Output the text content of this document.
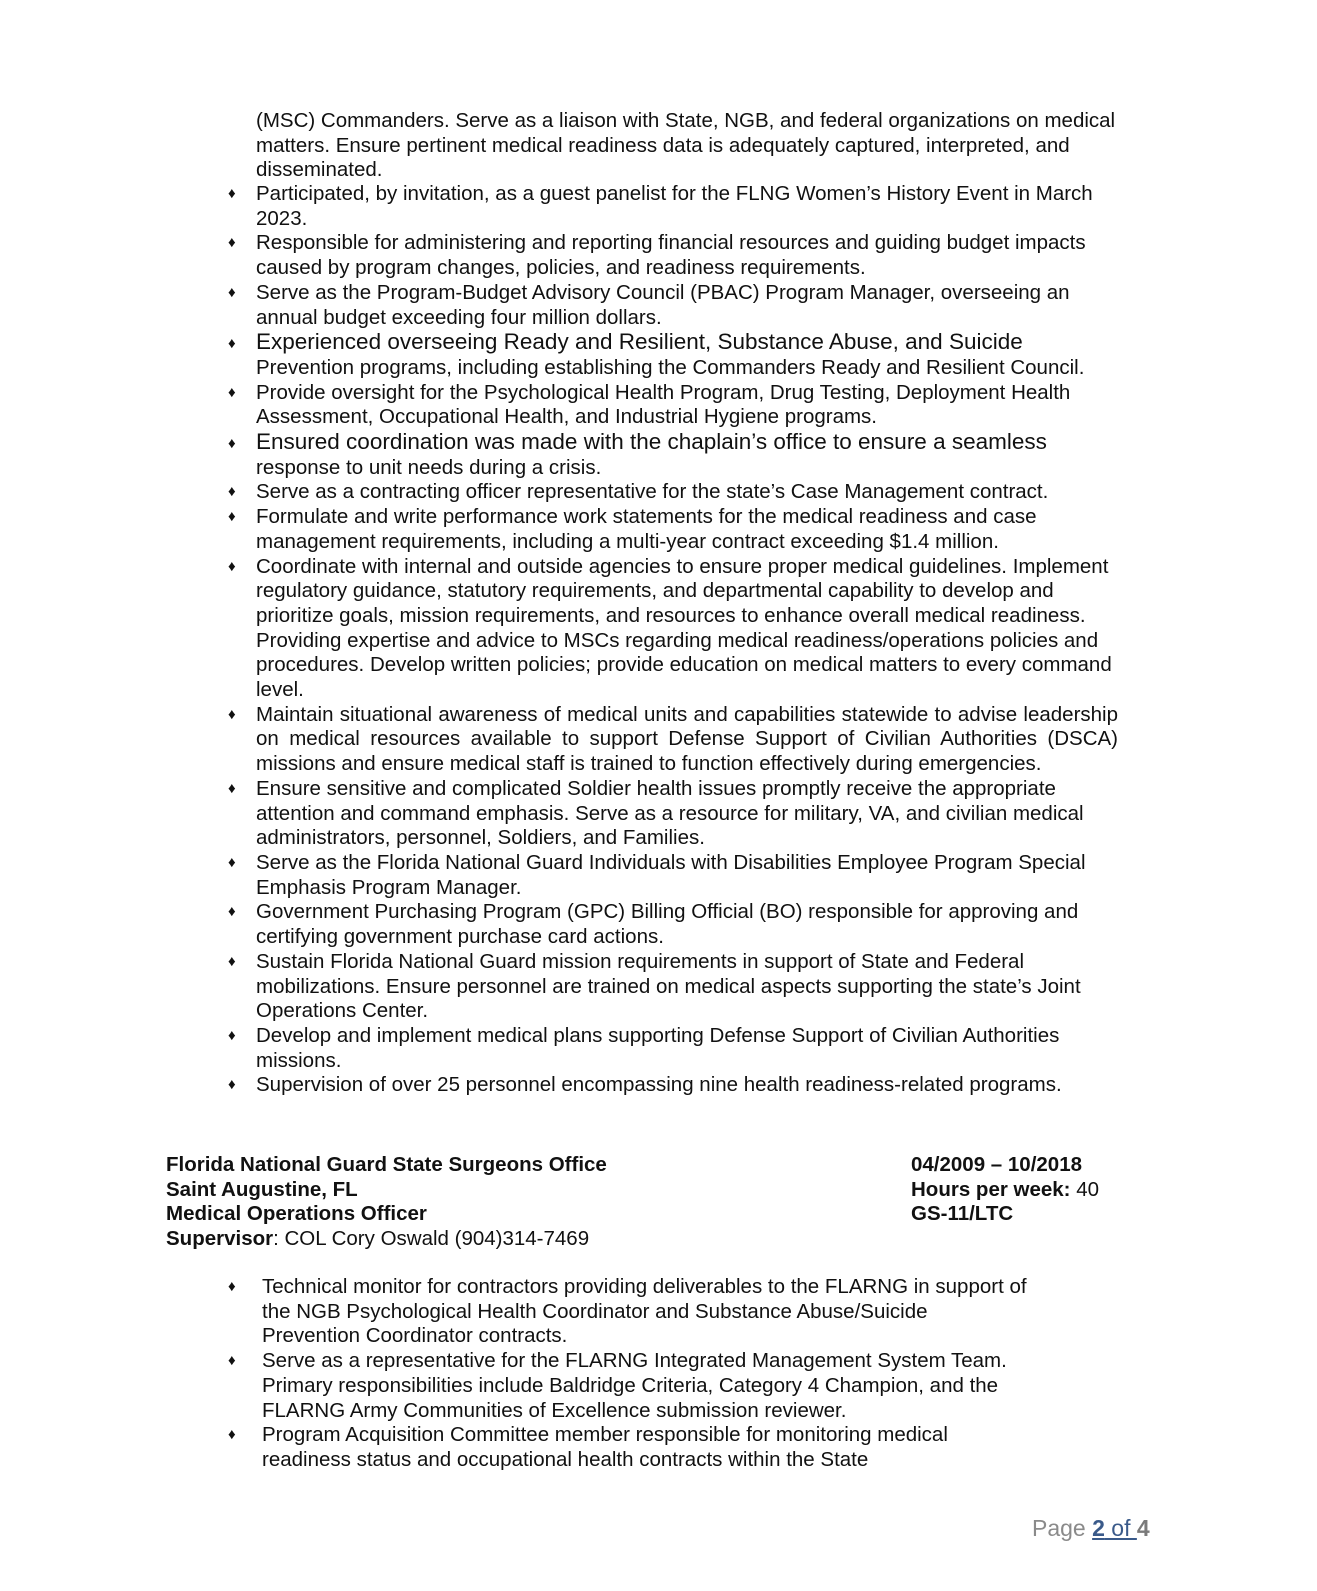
(MSC) Commanders. Serve as a liaison with State, NGB, and federal organizations on medical matters. Ensure pertinent medical readiness data is adequately captured, interpreted, and disseminated.

♦ Participated, by invitation, as a guest panelist for the FLNG Women’s History Event in March 2023.
♦ Responsible for administering and reporting financial resources and guiding budget impacts caused by program changes, policies, and readiness requirements.
♦ Serve as the Program-Budget Advisory Council (PBAC) Program Manager, overseeing an annual budget exceeding four million dollars.
♦ Experienced overseeing Ready and Resilient, Substance Abuse, and Suicide
Prevention programs, including establishing the Commanders Ready and Resilient Council.
♦ Provide oversight for the Psychological Health Program, Drug Testing, Deployment Health Assessment, Occupational Health, and Industrial Hygiene programs.
♦ Ensured coordination was made with the chaplain’s office to ensure a seamless
response to unit needs during a crisis.
♦ Serve as a contracting officer representative for the state’s Case Management contract.
♦ Formulate and write performance work statements for the medical readiness and case management requirements, including a multi-year contract exceeding $1.4 million.
♦ Coordinate with internal and outside agencies to ensure proper medical guidelines. Implement regulatory guidance, statutory requirements, and departmental capability to develop and prioritize goals, mission requirements, and resources to enhance overall medical readiness. Providing expertise and advice to MSCs regarding medical readiness/operations policies and procedures. Develop written policies; provide education on medical matters to every command level.
♦ Maintain situational awareness of medical units and capabilities statewide to advise leadership on medical resources available to support Defense Support of Civilian Authorities (DSCA) missions and ensure medical staff is trained to function effectively during emergencies.
♦ Ensure sensitive and complicated Soldier health issues promptly receive the appropriate attention and command emphasis. Serve as a resource for military, VA, and civilian medical administrators, personnel, Soldiers, and Families.
♦ Serve as the Florida National Guard Individuals with Disabilities Employee Program Special Emphasis Program Manager.
♦ Government Purchasing Program (GPC) Billing Official (BO) responsible for approving and certifying government purchase card actions.
♦ Sustain Florida National Guard mission requirements in support of State and Federal mobilizations. Ensure personnel are trained on medical aspects supporting the state’s Joint Operations Center.
♦ Develop and implement medical plans supporting Defense Support of Civilian Authorities missions.
♦ Supervision of over 25 personnel encompassing nine health readiness-related programs.
Florida National Guard State Surgeons Office	04/2009 – 10/2018
Saint Augustine, FL	Hours per week: 40
Medical Operations Officer	GS-11/LTC
Supervisor: COL Cory Oswald (904)314-7469
♦ Technical monitor for contractors providing deliverables to the FLARNG in support of the NGB Psychological Health Coordinator and Substance Abuse/Suicide Prevention Coordinator contracts.
♦ Serve as a representative for the FLARNG Integrated Management System Team. Primary responsibilities include Baldridge Criteria, Category 4 Champion, and the FLARNG Army Communities of Excellence submission reviewer.
♦ Program Acquisition Committee member responsible for monitoring medical readiness status and occupational health contracts within the State
Page 2 of 4
